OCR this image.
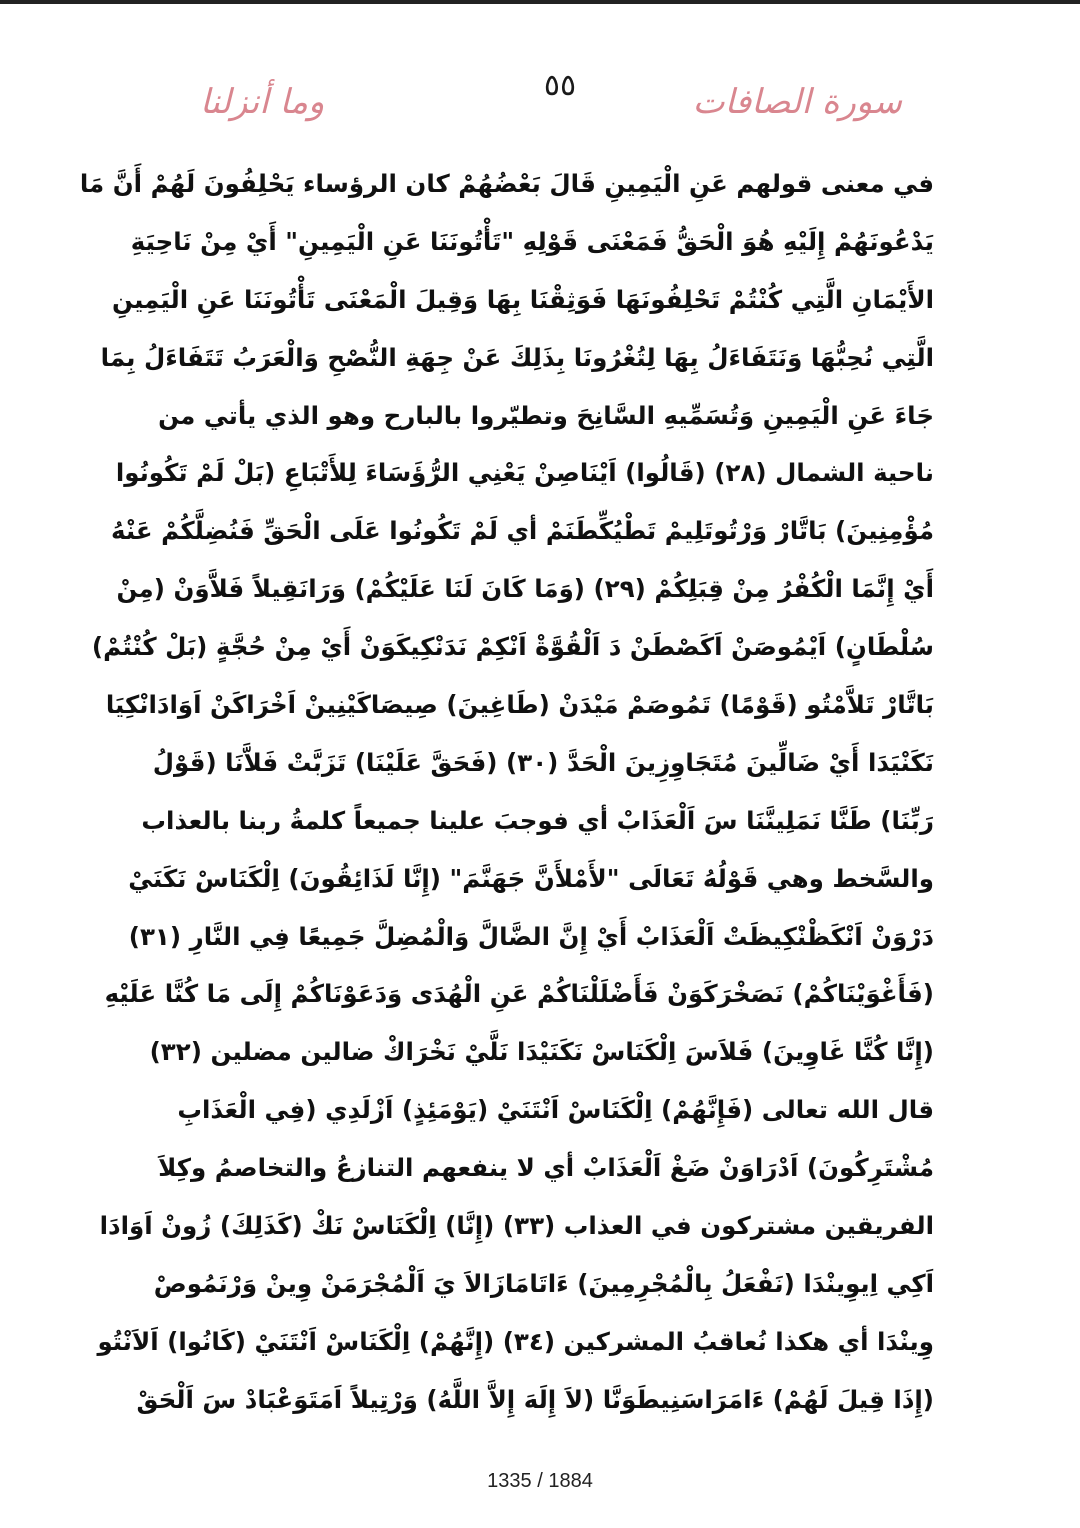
سورة الصافات
٥٥
وما أنزلنا
في معنى قولهم عَنِ الْيَمِينِ قَالَ بَعْضُهُمْ كان الرؤساء يَحْلِفُونَ لَهُمْ أَنَّ مَا
يَدْعُونَهُمْ إِلَيْهِ هُوَ الْحَقُّ فَمَعْنَى قَوْلِهِ "تَأْتُونَنَا عَنِ الْيَمِينِ" أَيْ مِنْ نَاحِيَةِ
الأَيْمَانِ الَّتِي كُنْتُمْ تَحْلِفُونَهَا فَوَثِقْنَا بِهَا وَقِيلَ الْمَعْنَى تَأْتُونَنَا عَنِ الْيَمِينِ
الَّتِي نُحِبُّهَا وَنَتَفَاءَلُ بِهَا لِتُغْرُونَا بِذَلِكَ عَنْ جِهَةِ النُّصْحِ وَالْعَرَبُ تَتَفَاءَلُ بِمَا
جَاءَ عَنِ الْيَمِينِ وَتُسَمِّيهِ السَّانِحَ وتطيّروا بالبارح وهو الذي يأتي من
ناحية الشمال (٢٨) (قَالُوا) اَيْنَاصِنْ يَعْنِي الرُّؤَسَاءَ لِلأَتْبَاعِ (بَلْ لَمْ تَكُونُوا
مُؤْمِنِينَ) بَاتَّارْ وَرْتُوتَلِيمْ تَطْيُكِّطَنَمْ أي لَمْ تَكُونُوا عَلَى الْحَقِّ فَنُضِلَّكُمْ عَنْهُ
أَيْ إِنَّمَا الْكُفْرُ مِنْ قِبَلِكُمْ (٢٩) (وَمَا كَانَ لَنَا عَلَيْكُمْ) وَرَانَقِيلاً فَلاَّوَنْ (مِنْ
سُلْطَانٍ) اَيْمُوصَنْ اَكَصْطَنْ دَ اَلْقُوَّةْ اَنْكِمْ نَدَنْكِيكَوَنْ أَيْ مِنْ حُجَّةٍ (بَلْ كُنْتُمْ)
بَاتَّارْ تَلاَّمْتُو (قَوْمًا) تَمُوصَمْ مَيْدَنْ (طَاغِينَ) صِيصَاكَيْنِينْ اَخْرَاكَنْ اَوَادَانْكِيَا
نَكَنْيَدَا أَيْ ضَالِّينَ مُتَجَاوِزِينَ الْحَدَّ (٣٠) (فَحَقَّ عَلَيْنَا) تَزَبَّتْ فَلاَّنَا (قَوْلُ
رَبِّنَا) طَنَّا نَمَلِينَّنَا سَ اَلْعَذَابْ أي فوجبَ علينا جميعاً كلمةُ ربنا بالعذاب
والسَّخط وهي قَوْلُهُ تَعَالَى "لأَمْلأَنَّ جَهَنَّمَ" (إِنَّا لَذَائِقُونَ) اِلْكَنَاسْ نَكَنَيْ
دَرْوَنْ اَنْكَظْنْكِيظَتْ اَلْعَذَابْ أَيْ إِنَّ الضَّالَّ وَالْمُضِلَّ جَمِيعًا فِي النَّارِ (٣١)
(فَأَغْوَيْنَاكُمْ) نَصَخْرَكَوَنْ فَأَضْلَلْنَاكُمْ عَنِ الْهُدَى وَدَعَوْنَاكُمْ إِلَى مَا كُنَّا عَلَيْهِ
(إِنَّا كُنَّا غَاوِينَ) فَلاَسَ اِلْكَنَاسْ نَكَنَيْدَا نَلَّيْ نَخْرَاكْ ضالين مضلين (٣٢)
قال الله تعالى (فَإِنَّهُمْ) اِلْكَنَاسْ اَنْتَنَيْ (يَوْمَئِذٍ) اَزْلَدِي (فِي الْعَذَابِ
مُشْتَرِكُونَ) اَدْرَاوَنْ ضَغْ اَلْعَذَابْ أي لا ينفعهم التنازعُ والتخاصمُ وكِلاَ
الفريقين مشتركون في العذاب (٣٣) (إِنَّا) اِلْكَنَاسْ نَكْ (كَذَلِكَ) زُونْ اَوَادَا
اَكِي اِيوِينْدَا (نَفْعَلُ بِالْمُجْرِمِينَ) ءَاتَامَازَالاَ يَ اَلْمُجْرَمَنْ وِينْ وَرْنَمُوصْ
وِينْدَا أي هكذا نُعاقبُ المشركين (٣٤) (إِنَّهُمْ) اِلْكَنَاسْ اَنْتَنَيْ (كَانُوا) اَلاَنْتُو
(إِذَا قِيلَ لَهُمْ) ءَامَرَاسَنِيطَوَنَّا (لاَ إِلَهَ إِلاَّ اللَّهُ) وَرْتِيلاً اَمَتَوَعْبَادْ سَ اَلْحَقْ
1335 / 1884
